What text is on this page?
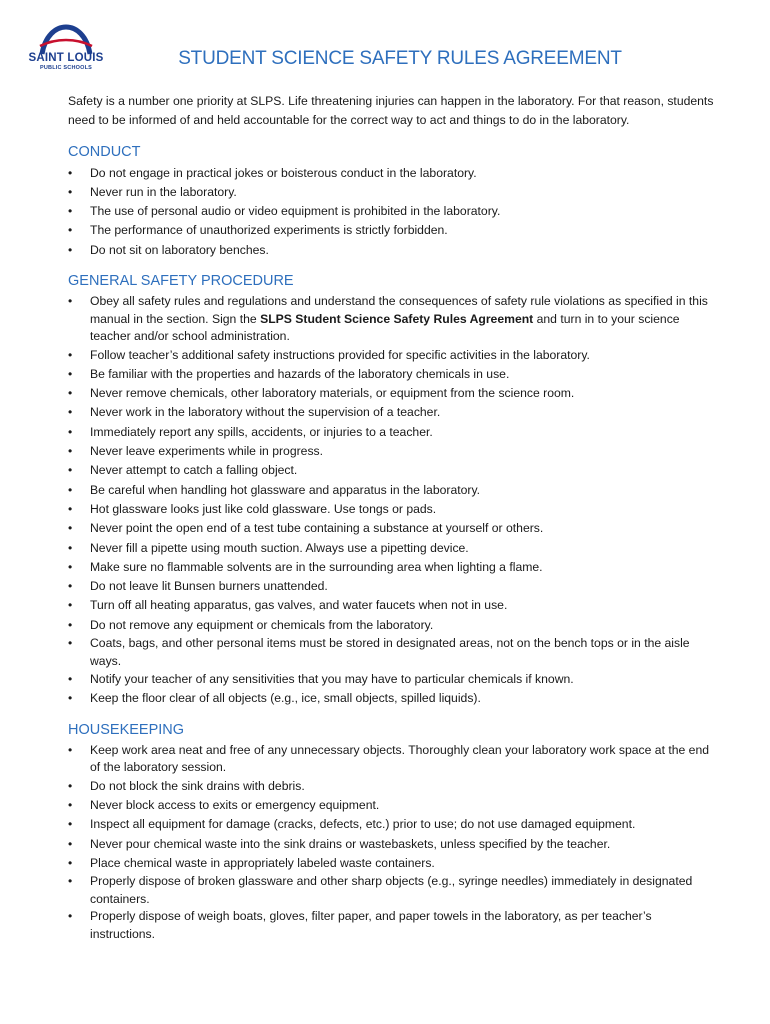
SAINT LOUIS
PUBLIC SCHOOLS	STUDENT SCIENCE SAFETY RULES AGREEMENT

Safety is a number one priority at SLPS. Life threatening injuries can happen in the laboratory. For that reason, students need to be informed of and held accountable for the correct way to act and things to do in the laboratory.

CONDUCT
• Do not engage in practical jokes or boisterous conduct in the laboratory.
• Never run in the laboratory.
• The use of personal audio or video equipment is prohibited in the laboratory.
• The performance of unauthorized experiments is strictly forbidden.
• Do not sit on laboratory benches.
GENERAL SAFETY PROCEDURE
• Obey all safety rules and regulations and understand the consequences of safety rule violations as specified in this manual in the section. Sign the SLPS Student Science Safety Rules Agreement and turn in to your science teacher and/or school administration.
• Follow teacher’s additional safety instructions provided for specific activities in the laboratory.
• Be familiar with the properties and hazards of the laboratory chemicals in use.
• Never remove chemicals, other laboratory materials, or equipment from the science room.
• Never work in the laboratory without the supervision of a teacher.
• Immediately report any spills, accidents, or injuries to a teacher.
• Never leave experiments while in progress.
• Never attempt to catch a falling object.
• Be careful when handling hot glassware and apparatus in the laboratory.
• Hot glassware looks just like cold glassware. Use tongs or pads.
• Never point the open end of a test tube containing a substance at yourself or others.
• Never fill a pipette using mouth suction. Always use a pipetting device.
• Make sure no flammable solvents are in the surrounding area when lighting a flame.
• Do not leave lit Bunsen burners unattended.
• Turn off all heating apparatus, gas valves, and water faucets when not in use.
• Do not remove any equipment or chemicals from the laboratory.
• Coats, bags, and other personal items must be stored in designated areas, not on the bench tops or in the aisle ways.
• Notify your teacher of any sensitivities that you may have to particular chemicals if known.
• Keep the floor clear of all objects (e.g., ice, small objects, spilled liquids).
HOUSEKEEPING
• Keep work area neat and free of any unnecessary objects. Thoroughly clean your laboratory work space at the end of the laboratory session.
• Do not block the sink drains with debris.
• Never block access to exits or emergency equipment.
• Inspect all equipment for damage (cracks, defects, etc.) prior to use; do not use damaged equipment.
• Never pour chemical waste into the sink drains or wastebaskets, unless specified by the teacher.
• Place chemical waste in appropriately labeled waste containers.
• Properly dispose of broken glassware and other sharp objects (e.g., syringe needles) immediately in designated containers.
• Properly dispose of weigh boats, gloves, filter paper, and paper towels in the laboratory, as per teacher’s instructions.
